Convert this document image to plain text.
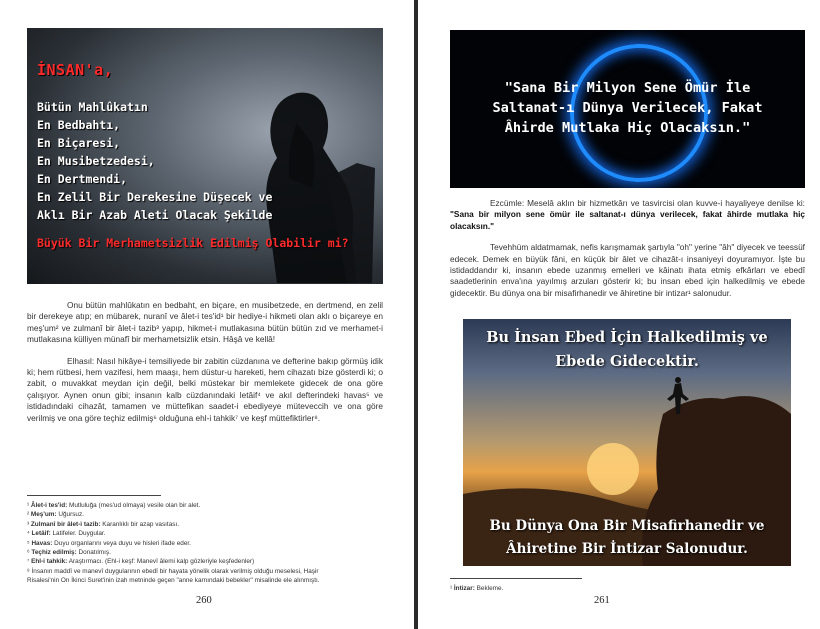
İNSAN'a,
Bütün Mahlûkatın
En Bedbahtı,
En Biçaresi,
En Musibetzedesi,
En Dertmendi,
En Zelil Bir Derekesine Düşecek ve
Aklı Bir Azab Aleti Olacak Şekilde
Büyük Bir Merhametsizlik Edilmiş Olabilir mi?

Onu bütün mahlûkatın en bedbaht, en biçare, en musibetzede, en dertmend, en zelil bir derekeye atıp; en mübarek, nuranî ve âlet-i tes'id¹ bir hediye-i hikmeti olan aklı o biçareye en meş'um² ve zulmanî bir âlet-i tazib³ yapıp, hikmet-i mutlakasına bütün bütün zıd ve merhamet-i mutlakasına külliyen münafî bir merhametsizlik etsin. Hâşâ ve kellâ!

Elhasıl: Nasıl hikâye-i temsiliyede bir zabitin cüzdanına ve defterine bakıp görmüş idik ki; hem rütbesi, hem vazifesi, hem maaşı, hem düstur-u hareketi, hem cihazatı bize gösterdi ki; o zabit, o muvakkat meydan için değil, belki müstekar bir memlekete gidecek de ona göre çalışıyor. Aynen onun gibi; insanın kalb cüzdanındaki letâif⁴ ve akıl defterindeki havas⁵ ve istidadındaki cihazât, tamamen ve müttefikan saadet-i ebediyeye müteveccih ve ona göre verilmiş ve ona göre teçhiz edilmiş⁶ olduğuna ehl-i tahkik⁷ ve keşf müttefiktirler⁸.

¹ Âlet-i tes'id: Mutluluğa (mes'ud olmaya) vesile olan bir alet.
² Meş'um: Uğursuz.
³ Zulmanî bir âlet-i tazib: Karanlıklı bir azap vasıtası.
⁴ Letâif: Latifeler. Duygular.
⁵ Havas: Duyu organlarını veya duyu ve hisleri ifade eder.
⁶ Teçhiz edilmiş: Donatılmış.
⁷ Ehl-i tahkik: Araştırmacı. (Ehl-i keşf: Manevî âlemi kalp gözleriyle keşfedenler)
⁸ İnsanın maddî ve manevî duygularının ebedî bir hayata yönelik olarak verilmiş olduğu meselesi, Haşir
Risalesi'nin On İkinci Suret'inin izah metninde geçen "anne karnındaki bebekler" misalinde ele alınmıştı.
260
"Sana Bir Milyon Sene Ömür İle
Saltanat-ı Dünya Verilecek, Fakat
Âhirde Mutlaka Hiç Olacaksın."

Ezcümle: Meselâ aklın bir hizmetkârı ve tasvircisi olan kuvve-i hayaliyeye denilse ki: "Sana bir milyon sene ömür ile saltanat-ı dünya verilecek, fakat âhirde mutlaka hiç olacaksın."

Tevehhüm aldatmamak, nefis karışmamak şartıyla "oh" yerine "âh" diyecek ve teessüf edecek. Demek en büyük fâni, en küçük bir âlet ve cihazât-ı insaniyeyi doyuramıyor. İşte bu istidaddandır ki, insanın ebede uzanmış emelleri ve kâinatı ihata etmiş efkârları ve ebedî saadetlerinin enva'ına yayılmış arzuları gösterir ki; bu insan ebed için halkedilmiş ve ebede gidecektir. Bu dünya ona bir misafirhanedir ve âhiretine bir intizar¹ salonudur.

Bu İnsan Ebed İçin Halkedilmiş ve
Ebede Gidecektir.
Bu Dünya Ona Bir Misafirhanedir ve
Âhiretine Bir İntizar Salonudur.
¹ İntizar: Bekleme.
261
